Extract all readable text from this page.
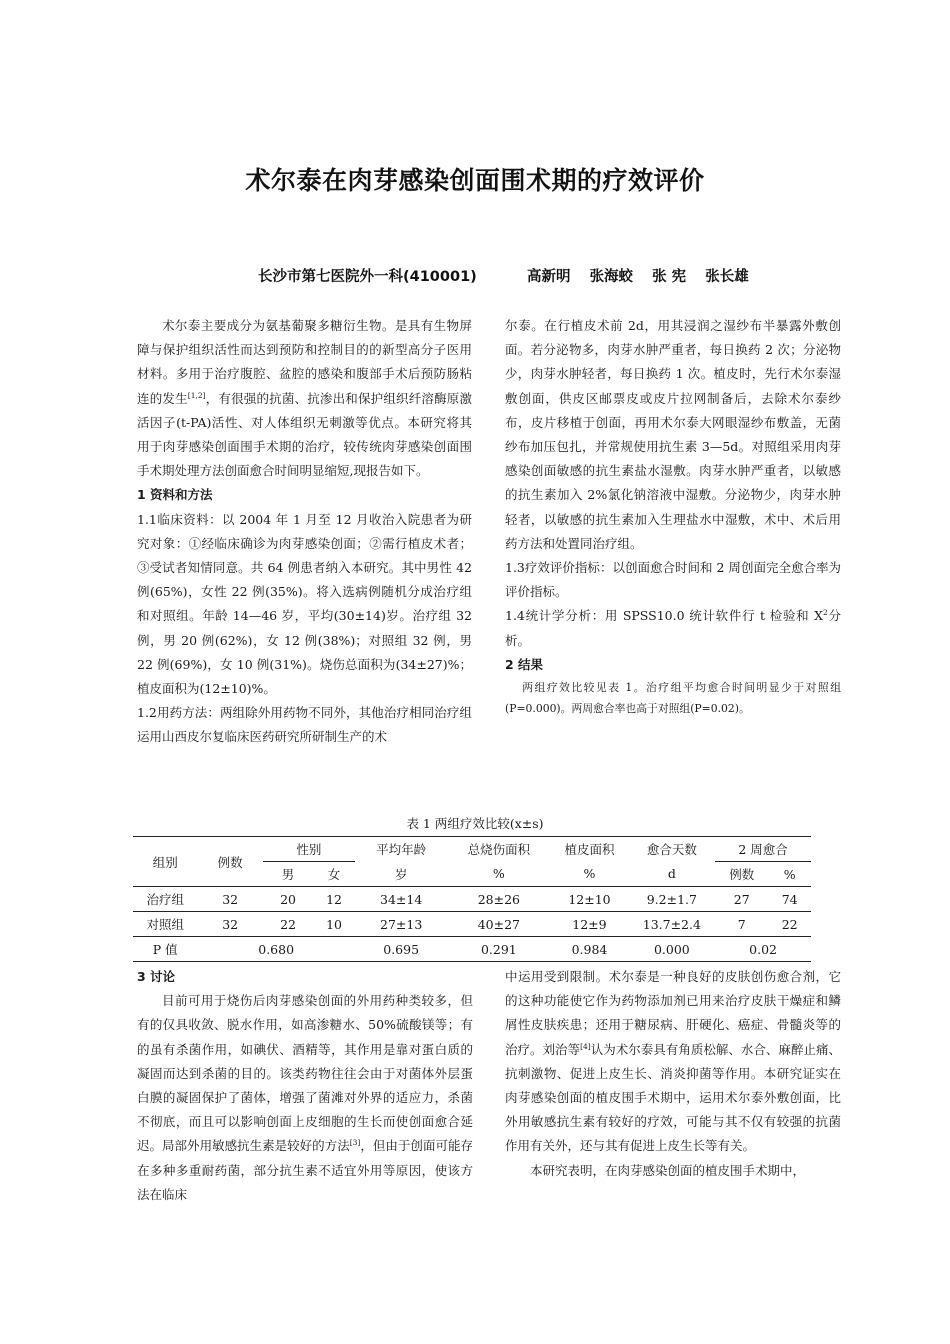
术尔泰在肉芽感染创面围术期的疗效评价
长沙市第七医院外一科(410001)	高新明 张海蛟 张 宪 张长雄

术尔泰主要成分为氨基葡聚多糖衍生物。是具有生物屏障与保护组织活性而达到预防和控制目的的新型高分子医用材料。多用于治疗腹腔、盆腔的感染和腹部手术后预防肠粘连的发生[1,2]，有很强的抗菌、抗渗出和保护组织纤溶酶原激活因子(t-PA)活性、对人体组织无刺激等优点。本研究将其用于肉芽感染创面围手术期的治疗，较传统肉芽感染创面围手术期处理方法创面愈合时间明显缩短,现报告如下。

1 资料和方法

1.1临床资料：以 2004 年 1 月至 12 月收治入院患者为研究对象：①经临床确诊为肉芽感染创面；②需行植皮术者；③受试者知情同意。共 64 例患者纳入本研究。其中男性 42 例(65%)，女性 22 例(35%)。将入选病例随机分成治疗组和对照组。年龄 14—46 岁，平均(30±14)岁。治疗组 32 例，男 20 例(62%)，女 12 例(38%)；对照组 32 例，男 22 例(69%)，女 10 例(31%)。烧伤总面积为(34±27)%；植皮面积为(12±10)%。

1.2用药方法：两组除外用药物不同外，其他治疗相同治疗组运用山西皮尔复临床医药研究所研制生产的术

尔泰。在行植皮术前 2d，用其浸润之湿纱布半暴露外敷创面。若分泌物多，肉芽水肿严重者，每日换药 2 次；分泌物少，肉芽水肿轻者，每日换药 1 次。植皮时，先行术尔泰湿敷创面，供皮区邮票皮或皮片拉网制备后，去除术尔泰纱布，皮片移植于创面，再用术尔泰大网眼湿纱布敷盖，无菌纱布加压包扎，并常规使用抗生素 3—5d。对照组采用肉芽感染创面敏感的抗生素盐水湿敷。肉芽水肿严重者，以敏感的抗生素加入 2%氯化钠溶液中湿敷。分泌物少，肉芽水肿轻者，以敏感的抗生素加入生理盐水中湿敷，术中、术后用药方法和处置同治疗组。

1.3疗效评价指标：以创面愈合时间和 2 周创面完全愈合率为评价指标。

1.4统计学分析：用 SPSS10.0 统计软件行 t 检验和 $X^2$分析。

2 结果

两组疗效比较见表 1。治疗组平均愈合时间明显少于对照组(P=0.000)。两周愈合率也高于对照组(P=0.02)。

表 1 两组疗效比较(x±s)
组别	例数	性别		平均年龄	总烧伤面积	植皮面积	愈合天数	2 周愈合	
		男	女	岁	%	%	d	例数	%
治疗组	32	20	12	34±14	28±26	12±10	9.2±1.7	27	74
对照组	32	22	10	27±13	40±27	12±9	13.7±2.4	7	22
P 值	0.680			0.695	0.291	0.984	0.000	0.02	

3 讨论

目前可用于烧伤后肉芽感染创面的外用药种类较多，但有的仅具收敛、脱水作用，如高渗糖水、50%硫酸镁等；有的虽有杀菌作用，如碘伏、酒精等，其作用是靠对蛋白质的凝固而达到杀菌的目的。该类药物往往会由于对菌体外层蛋白膜的凝固保护了菌体，增强了菌滩对外界的适应力，杀菌不彻底，而且可以影响创面上皮细胞的生长而使创面愈合延迟。局部外用敏感抗生素是较好的方法[3]，但由于创面可能存在多种多重耐药菌，部分抗生素不适宜外用等原因，使该方法在临床

中运用受到限制。术尔泰是一种良好的皮肤创伤愈合剂，它的这种功能使它作为药物添加剂已用来治疗皮肤干燥症和鳞屑性皮肤疾患；还用于糖尿病、肝硬化、癌症、骨髓炎等的治疗。刘治等[4]认为术尔泰具有角质松解、水合、麻醉止痛、抗刺激物、促进上皮生长、消炎抑菌等作用。本研究证实在肉芽感染创面的植皮围手术期中，运用术尔泰外敷创面，比外用敏感抗生素有较好的疗效，可能与其不仅有较强的抗菌作用有关外，还与其有促进上皮生长等有关。

本研究表明，在肉芽感染创面的植皮围手术期中，
